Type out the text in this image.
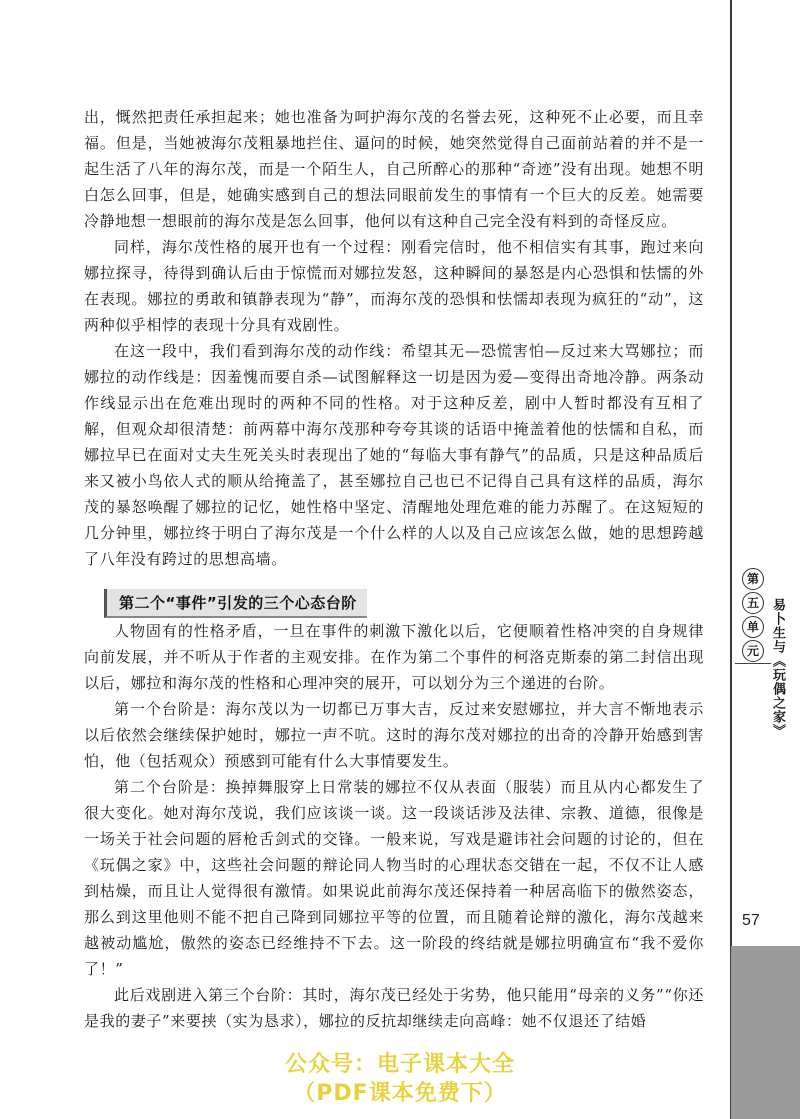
出，慨然把责任承担起来；她也准备为呵护海尔茂的名誉去死，这种死不止必要，而且幸福。但是，当她被海尔茂粗暴地拦住、逼问的时候，她突然觉得自己面前站着的并不是一起生活了八年的海尔茂，而是一个陌生人，自己所醉心的那种“奇迹”没有出现。她想不明白怎么回事，但是，她确实感到自己的想法同眼前发生的事情有一个巨大的反差。她需要冷静地想一想眼前的海尔茂是怎么回事，他何以有这种自己完全没有料到的奇怪反应。

同样，海尔茂性格的展开也有一个过程：刚看完信时，他不相信实有其事，跑过来向娜拉探寻，待得到确认后由于惊慌而对娜拉发怒，这种瞬间的暴怒是内心恐惧和怯懦的外在表现。娜拉的勇敢和镇静表现为“静”，而海尔茂的恐惧和怯懦却表现为疯狂的“动”，这两种似乎相悖的表现十分具有戏剧性。

在这一段中，我们看到海尔茂的动作线：希望其无—恐慌害怕—反过来大骂娜拉；而娜拉的动作线是：因羞愧而要自杀—试图解释这一切是因为爱—变得出奇地冷静。两条动作线显示出在危难出现时的两种不同的性格。对于这种反差，剧中人暂时都没有互相了解，但观众却很清楚：前两幕中海尔茂那种夸夸其谈的话语中掩盖着他的怯懦和自私，而娜拉早已在面对丈夫生死关头时表现出了她的“每临大事有静气”的品质，只是这种品质后来又被小鸟依人式的顺从给掩盖了，甚至娜拉自己也已不记得自己具有这样的品质，海尔茂的暴怒唤醒了娜拉的记忆，她性格中坚定、清醒地处理危难的能力苏醒了。在这短短的几分钟里，娜拉终于明白了海尔茂是一个什么样的人以及自己应该怎么做，她的思想跨越了八年没有跨过的思想高墙。

第二个“事件”引发的三个心态台阶

人物固有的性格矛盾，一旦在事件的刺激下激化以后，它便顺着性格冲突的自身规律向前发展，并不听从于作者的主观安排。在作为第二个事件的柯洛克斯泰的第二封信出现以后，娜拉和海尔茂的性格和心理冲突的展开，可以划分为三个递进的台阶。

第一个台阶是：海尔茂以为一切都已万事大吉，反过来安慰娜拉，并大言不惭地表示以后依然会继续保护她时，娜拉一声不吭。这时的海尔茂对娜拉的出奇的冷静开始感到害怕，他（包括观众）预感到可能有什么大事情要发生。

第二个台阶是：换掉舞服穿上日常装的娜拉不仅从表面（服装）而且从内心都发生了很大变化。她对海尔茂说，我们应该谈一谈。这一段谈话涉及法律、宗教、道德，很像是一场关于社会问题的唇枪舌剑式的交锋。一般来说，写戏是避讳社会问题的讨论的，但在《玩偶之家》中，这些社会问题的辩论同人物当时的心理状态交错在一起，不仅不让人感到枯燥，而且让人觉得很有激情。如果说此前海尔茂还保持着一种居高临下的傲然姿态，那么到这里他则不能不把自己降到同娜拉平等的位置，而且随着论辩的激化，海尔茂越来越被动尴尬，傲然的姿态已经维持不下去。这一阶段的终结就是娜拉明确宣布“我不爱你了！”

此后戏剧进入第三个台阶：其时，海尔茂已经处于劣势，他只能用“母亲的义务”“你还是我的妻子”来要挟（实为恳求），娜拉的反抗却继续走向高峰：她不仅退还了结婚

第
五
单
元 易卜生与《玩偶之家》
57
公众号：电子课本大全
（PDF课本免费下）
